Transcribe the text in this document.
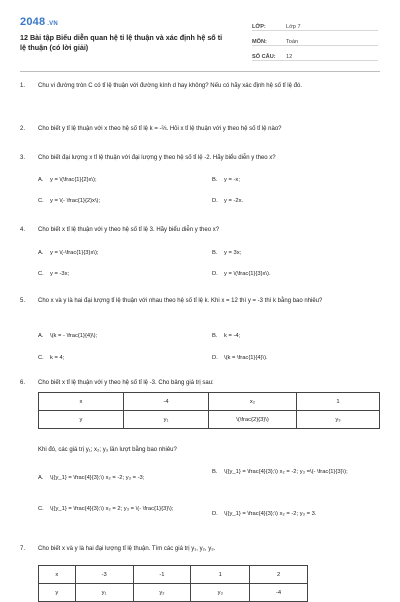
2048 .VN
12 Bài tập Biểu diễn quan hệ tỉ lệ thuận và xác định hệ số tỉ lệ thuận (có lời giải)
LỚP:	Lớp 7
MÔN:	Toán
SỐ CÂU:	12
1. Chu vi đường tròn C có tỉ lệ thuận với đường kính d hay không? Nếu có hãy xác định hệ số tỉ lệ đó.
2. Cho biết y tỉ lệ thuận với x theo hệ số tỉ lệ k = -⅔. Hỏi x tỉ lệ thuận với y theo hệ số tỉ lệ nào?
3. Cho biết đại lượng x tỉ lệ thuận với đại lượng y theo hệ số tỉ lệ -2. Hãy biểu diễn y theo x?
A. y = \(\frac{1}{2}x\);	B. y = -x;
C. y = \(- \frac{1}{2}x\);	D. y = -2x.
4. Cho biết x tỉ lệ thuận với y theo hệ số tỉ lệ 3. Hãy biểu diễn y theo x?
A. y = \(-\frac{1}{3}x\);	B. y = 3x;
C. y = -3x;	D. y = \(\frac{1}{3}x\).
5. Cho x và y là hai đại lượng tỉ lệ thuận với nhau theo hệ số tỉ lệ k. Khi x = 12 thì y = -3 thì k bằng bao nhiêu?
A. \(k = - \frac{1}{4}\);	B. k = -4;
C. k = 4;	D. \(k = \frac{1}{4}\).
6. Cho biết x tỉ lệ thuận với y theo hệ số tỉ lệ -3. Cho bảng giá trị sau:
x	-4	x₂	1
y	y₁	\(\frac{2}{3}\)	y₃
Khi đó, các giá trị y₁; x₂; y₃ lần lượt bằng bao nhiêu?
A. \({y_1} = \frac{4}{3};\) x₂ = -2; y₃ = -3;
B. \({y_1} = \frac{4}{3};\) x₂ = -2; y₃ =\(- \frac{1}{3}\);
C. \({y_1} = \frac{4}{3};\) x₂ = 2; y₃ = \(- \frac{1}{3}\);
D. \({y_1} = \frac{4}{3};\) x₂ = -2; y₃ = 3.
7. Cho biết x và y là hai đại lượng tỉ lệ thuận. Tìm các giá trị y₁, y₂, y₃.
x	-3	-1	1	2
y	y₁	y₂	y₃	-4
